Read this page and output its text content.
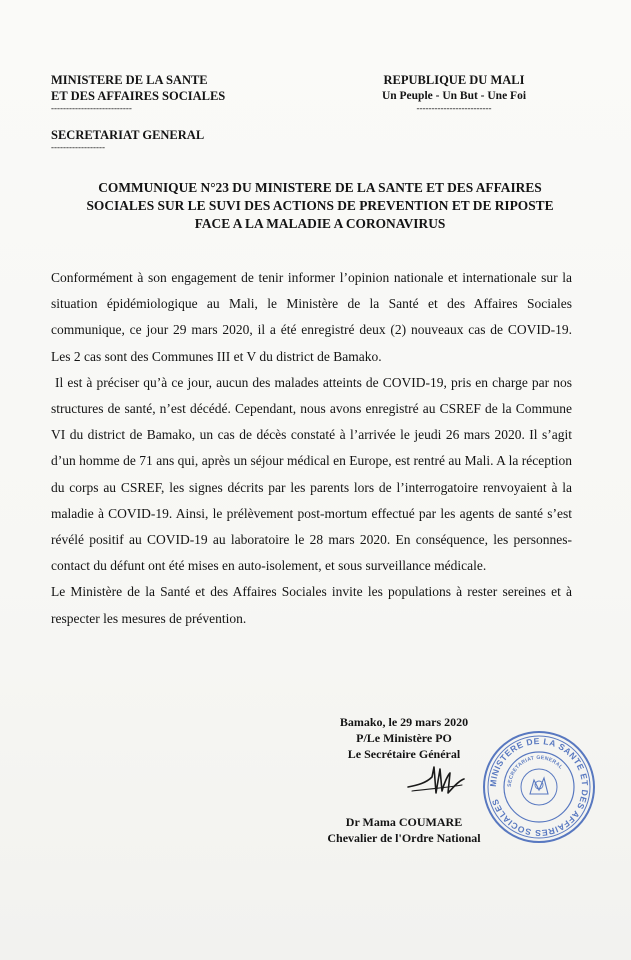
MINISTERE DE LA SANTE
ET DES AFFAIRES SOCIALES
---------------------------
SECRETARIAT GENERAL
------------------
REPUBLIQUE DU MALI
Un Peuple - Un But - Une Foi
-------------------------
COMMUNIQUE N°23 DU MINISTERE DE LA SANTE ET DES AFFAIRES
SOCIALES SUR LE SUVI DES ACTIONS DE PREVENTION ET DE RIPOSTE
FACE A LA MALADIE A CORONAVIRUS

Conformément à son engagement de tenir informer l’opinion nationale et internationale sur la situation épidémiologique au Mali, le Ministère de la Santé et des Affaires Sociales communique, ce jour 29 mars 2020, il a été enregistré deux (2) nouveaux cas de COVID-19. Les 2 cas sont des Communes III et V du district de Bamako.

Il est à préciser qu’à ce jour, aucun des malades atteints de COVID-19, pris en charge par nos structures de santé, n’est décédé. Cependant, nous avons enregistré au CSREF de la Commune VI du district de Bamako, un cas de décès constaté à l’arrivée le jeudi 26 mars 2020. Il s’agit d’un homme de 71 ans qui, après un séjour médical en Europe, est rentré au Mali. A la réception du corps au CSREF, les signes décrits par les parents lors de l’interrogatoire renvoyaient à la maladie à COVID-19. Ainsi, le prélèvement post-mortum effectué par les agents de santé s’est révélé positif au COVID-19 au laboratoire le 28 mars 2020. En conséquence, les personnes-contact du défunt ont été mises en auto-isolement, et sous surveillance médicale.

Le Ministère de la Santé et des Affaires Sociales invite les populations à rester sereines et à respecter les mesures de prévention.

Bamako, le 29 mars 2020
P/Le Ministère PO
Le Secrétaire Général
Dr Mama COUMARE
Chevalier de l'Ordre National
MINISTERE DE LA SANTE ET DES AFFAIRES SOCIALES
SECRETARIAT GENERAL
